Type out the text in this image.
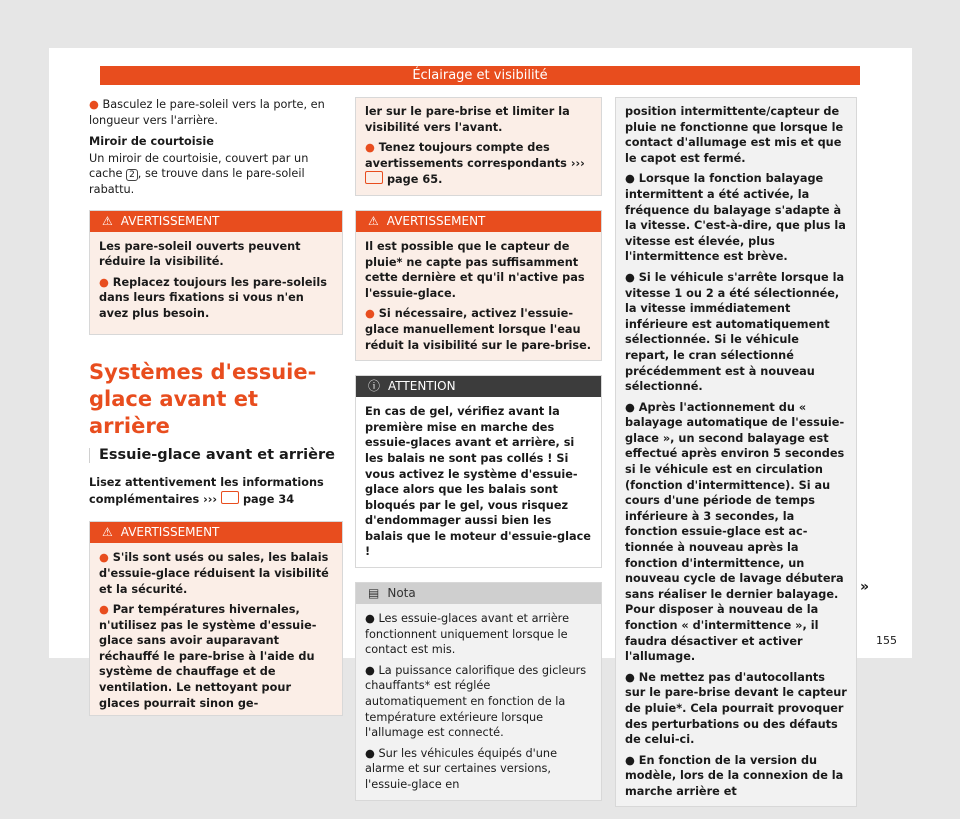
Éclairage et visibilité

● Basculez le pare-soleil vers la porte, en longueur vers l'arrière.

Miroir de courtoisie

Un miroir de courtoisie, couvert par un cache 2 , se trouve dans le pare-soleil rabattu.

⚠ AVERTISSEMENT

Les pare-soleil ouverts peuvent réduire la visibilité.

● Replacez toujours les pare-soleils dans leurs fixations si vous n'en avez plus besoin.

Systèmes d'essuie-glace avant et arrière
Essuie-glace avant et arrière

Lisez attentivement les informations complémentaires ››› page 34

⚠ AVERTISSEMENT

● S'ils sont usés ou sales, les balais d'essuie-glace réduisent la visibilité et la sécurité.

● Par températures hivernales, n'utilisez pas le système d'essuie-glace sans avoir auparavant réchauffé le pare-brise à l'aide du système de chauffage et de ventilation. Le nettoyant pour glaces pourrait sinon ge-

ler sur le pare-brise et limiter la visibilité vers l'avant.

● Tenez toujours compte des avertissements correspondants ›››  page 65.

⚠ AVERTISSEMENT

Il est possible que le capteur de pluie* ne capte pas suffisamment cette dernière et qu'il n'active pas l'essuie-glace.

● Si nécessaire, activez l'essuie-glace manuellement lorsque l'eau réduit la visibilité sur le pare-brise.

ⓘ ATTENTION

En cas de gel, vérifiez avant la première mise en marche des essuie-glaces avant et arrière, si les balais ne sont pas collés ! Si vous activez le système d'essuie-glace alors que les balais sont bloqués par le gel, vous risquez d'endommager aussi bien les balais que le moteur d'essuie-glace !

▤ Nota

● Les essuie-glaces avant et arrière fonctionnent uniquement lorsque le contact est mis.

● La puissance calorifique des gicleurs chauffants* est réglée automatiquement en fonction de la température extérieure lorsque l'allumage est connecté.

● Sur les véhicules équipés d'une alarme et sur certaines versions, l'essuie-glace en

position intermittente/capteur de pluie ne fonctionne que lorsque le contact d'allumage est mis et que le capot est fermé.

● Lorsque la fonction balayage intermittent a été activée, la fréquence du balayage s'adapte à la vitesse. C'est-à-dire, que plus la vitesse est élevée, plus l'intermittence est brève.

● Si le véhicule s'arrête lorsque la vitesse 1 ou 2 a été sélectionnée, la vitesse immédiatement inférieure est automatiquement sélectionnée. Si le véhicule repart, le cran sélectionné précédemment est à nouveau sélectionné.

● Après l'actionnement du « balayage automatique de l'essuie-glace », un second balayage est effectué après environ 5 secondes si le véhicule est en circulation (fonction d'intermittence). Si au cours d'une période de temps inférieure à 3 secondes, la fonction essuie-glace est actionnée à nouveau après la fonction d'intermittence, un nouveau cycle de lavage débutera sans réaliser le dernier balayage. Pour disposer à nouveau de la fonction « d'intermittence », il faudra désactiver et activer l'allumage.

● Ne mettez pas d'autocollants sur le pare-brise devant le capteur de pluie*. Cela pourrait provoquer des perturbations ou des défauts de celui-ci.

● En fonction de la version du modèle, lors de la connexion de la marche arrière et

»
155
